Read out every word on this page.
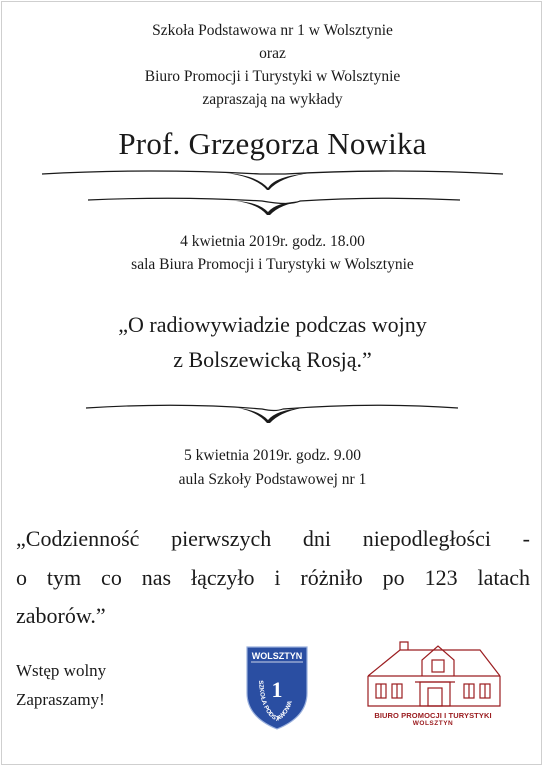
Szkoła Podstawowa nr 1 w Wolsztynie
oraz
Biuro Promocji i Turystyki w Wolsztynie
zapraszają na wykłady
Prof. Grzegorza Nowika
4 kwietnia 2019r. godz. 18.00
sala Biura Promocji i Turystyki w Wolsztynie
„O radiowywiadzie podczas wojny
z Bolszewicką Rosją.”
5 kwietnia 2019r. godz. 9.00
aula Szkoły Podstawowej nr 1
„Codzienność pierwszych dni niepodległości -
o tym co nas łączyło i różniło po 123 latach
zaborów.”
Wstęp wolny
Zapraszamy!
WOLSZTYN
SZKOŁA PODSTAWOWA
1
BIURO PROMOCJI I TURYSTYKI
WOLSZTYN
